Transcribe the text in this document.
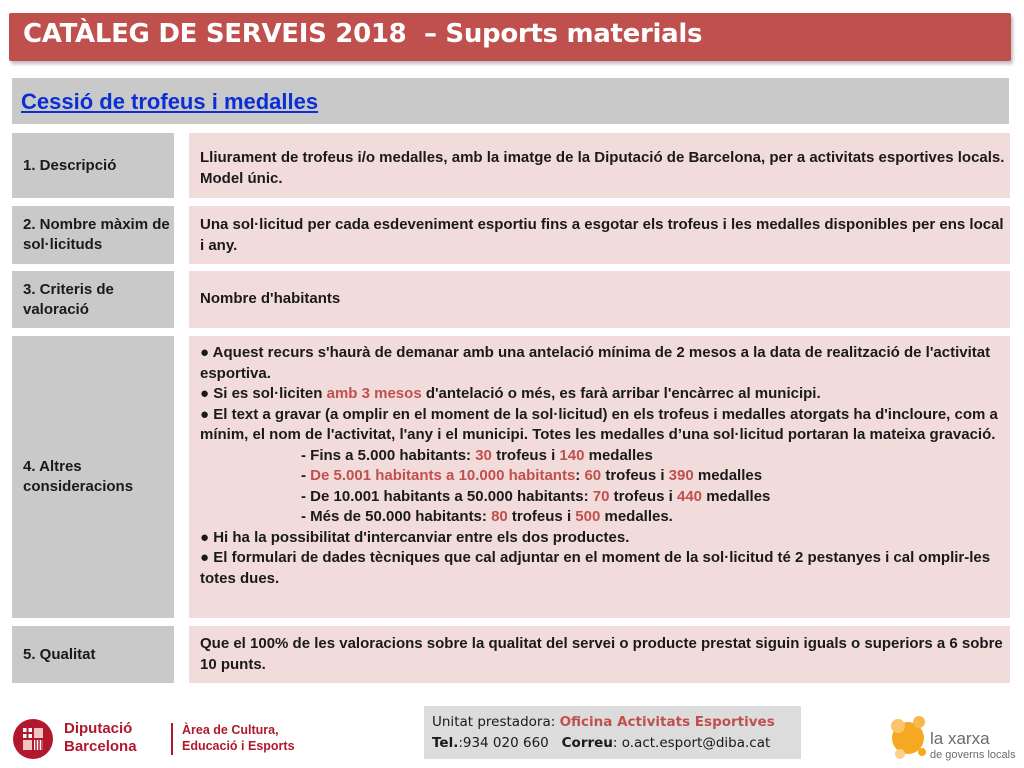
CATÀLEG DE SERVEIS 2018  – Suports materials
Cessió de trofeus i medalles
1. Descripció	Lliurament de trofeus i/o medalles, amb la imatge de la Diputació de Barcelona, per a activitats esportives locals. Model únic.
2. Nombre màxim de sol·licituds
Una sol·licitud per cada esdeveniment esportiu fins a esgotar els trofeus i les medalles disponibles per ens local i any.
3. Criteris de valoració
Nombre d'habitants
4. Altres consideracions
● Aquest recurs s'haurà de demanar amb una antelació mínima de 2 mesos a la data de realització de l'activitat esportiva.
● Si es sol·liciten amb 3 mesos d'antelació o més, es farà arribar l'encàrrec al municipi.
● El text a gravar (a omplir en el moment de la sol·licitud) en els trofeus i medalles atorgats ha d'incloure, com a mínim, el nom de l'activitat, l'any i el municipi. Totes les medalles d’una sol·licitud portaran la mateixa gravació.
- Fins a 5.000 habitants: 30 trofeus i 140 medalles
- De 5.001 habitants a 10.000 habitants: 60 trofeus i 390 medalles
- De 10.001 habitants a 50.000 habitants: 70 trofeus i 440 medalles
- Més de 50.000 habitants: 80 trofeus i 500 medalles.
● Hi ha la possibilitat d'intercanviar entre els dos productes.
● El formulari de dades tècniques que cal adjuntar en el moment de la sol·licitud té 2 pestanyes i cal omplir-les totes dues.
5. Qualitat
Que el 100% de les valoracions sobre la qualitat del servei o producte prestat siguin iguals o superiors a 6 sobre 10 punts.
Unitat prestadora: Oficina Activitats Esportives
Tel.:934 020 660 Correu: o.act.esport@diba.cat
Diputació
Barcelona
Àrea de Cultura,
Educació i Esports	la xarxa
de governs locals
